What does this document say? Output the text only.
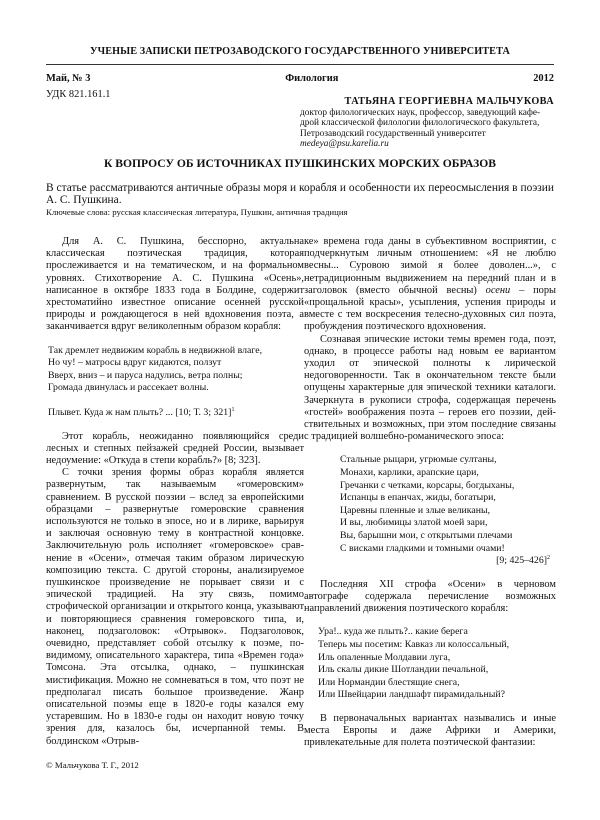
УЧЕНЫЕ ЗАПИСКИ ПЕТРОЗАВОДСКОГО ГОСУДАРСТВЕННОГО УНИВЕРСИТЕТА
Май, № 3	Филология	2012
УДК 821.161.1
ТАТЬЯНА ГЕОРГИЕВНА МАЛЬЧУКОВА
доктор филологических наук, профессор, заведующий кафе-
дрой классической филологии филологического факультета,
Петрозаводский государственный университет
medeya@psu.karelia.ru
К ВОПРОСУ ОБ ИСТОЧНИКАХ ПУШКИНСКИХ МОРСКИХ ОБРАЗОВ
В статье рассматриваются античные образы моря и корабля и особенности их переосмысления в поэзии А. С. Пушкина.
Ключевые слова: русская классическая литература, Пушкин, античная традиция

Для А. С. Пушкина, бесспорно, актуальна классическая поэтическая традиция, которая прослеживается и на тематическом, и на формальном уровнях. Стихотворение А. С. Пушкина «Осень», написанное в октябре 1833 года в Болдине, содержит хрестоматийно известное описание осенней русской природы и рождающегося в ней вдохновения поэта, а заканчивается вдруг великолепным образом корабля:

Так дремлет недвижим корабль в недвижной влаге,
Но чу! – матросы вдруг кидаются, ползут
Вверх, вниз – и паруса надулись, ветра полны;
Громада двинулась и рассекает волны.
Плывет. Куда ж нам плыть? ... [10; Т. 3; 321]$^1$

Этот корабль, неожиданно появляющийся среди лесных и степных пейзажей средней России, вызывает недоумение: «Откуда в степи корабль?» [8; 323].

С точки зрения формы образ корабля является развернутым, так называемым «гомеровским» сравнением. В русской поэзии – вслед за европейскими образцами – развернутые гомеровские сравнения используются не только в эпосе, но и в лирике, варьируя и заключая основную тему в контрастной концовке. Заключительную роль исполняет «гомеровское» сравнение в «Осени», отмечая таким образом лирическую композицию текста. С другой стороны, анализируемое пушкинское произведение не порывает связи и с эпической традицией. На эту связь, помимо строфической организации и открытого конца, указывают и повторяющиеся сравнения гомеровского типа, и, наконец, подзаголовок: «Отрывок». Подзаголовок, очевидно, представляет собой отсылку к поэме, по-видимому, описательного характера, типа «Времен года» Томсона. Эта отсылка, однако, – пушкинская мистификация. Можно не сомневаться в том, что поэт не предполагал писать большое произведение. Жанр описательной поэмы еще в 1820-е годы казался ему устаревшим. Но в 1830-е годы он находит новую точку зрения для, казалось бы, исчерпанной темы. В болдинском «Отрыв-

ке» времена года даны в субъективном восприятии, с подчеркнутым личным отношением: «Я не люблю весны... Суровою зимой я более доволен...», с нетрадиционным выдвижением на передний план и в заголовок (вместо обычной весны) осени – поры «прощальной красы», усыпления, успения природы и вместе с тем воскресения телесно-духовных сил поэта, пробуждения поэтического вдохновения.

Сознавая эпические истоки темы времен года, поэт, однако, в процессе работы над новым ее вариантом уходил от эпической полноты к лирической недоговоренности. Так в окончательном тексте были опущены характерные для эпической техники каталоги. Зачеркнута в рукописи строфа, содержащая перечень «гостей» воображения поэта – героев его поэзии, действительных и возможных, при этом последние связаны с традицией волшебно-романического эпоса:

Стальные рыцари, угрюмые султаны,
Монахи, карлики, арапские цари,
Гречанки с четками, корсары, богдыханы,
Испанцы в епанчах, жиды, богатыри,
Царевны пленные и злые великаны,
И вы, любимицы златой моей зари,
Вы, барышни мои, с открытыми плечами
С висками гладкими и томными очами!
[9; 425–426]$^2$

Последняя XII строфа «Осени» в черновом автографе содержала перечисление возможных направлений движения поэтического корабля:

Ура!.. куда же плыть?.. какие берега
Теперь мы посетим: Кавказ ли колоссальный,
Иль опаленные Молдавии луга,
Иль скалы дикие Шотландии печальной,
Или Нормандии блестящие снега,
Или Швейцарии ландшафт пирамидальный?

В первоначальных вариантах назывались и иные места Европы и даже Африки и Америки, привлекательные для полета поэтической фантазии:

© Мальчукова Т. Г., 2012
